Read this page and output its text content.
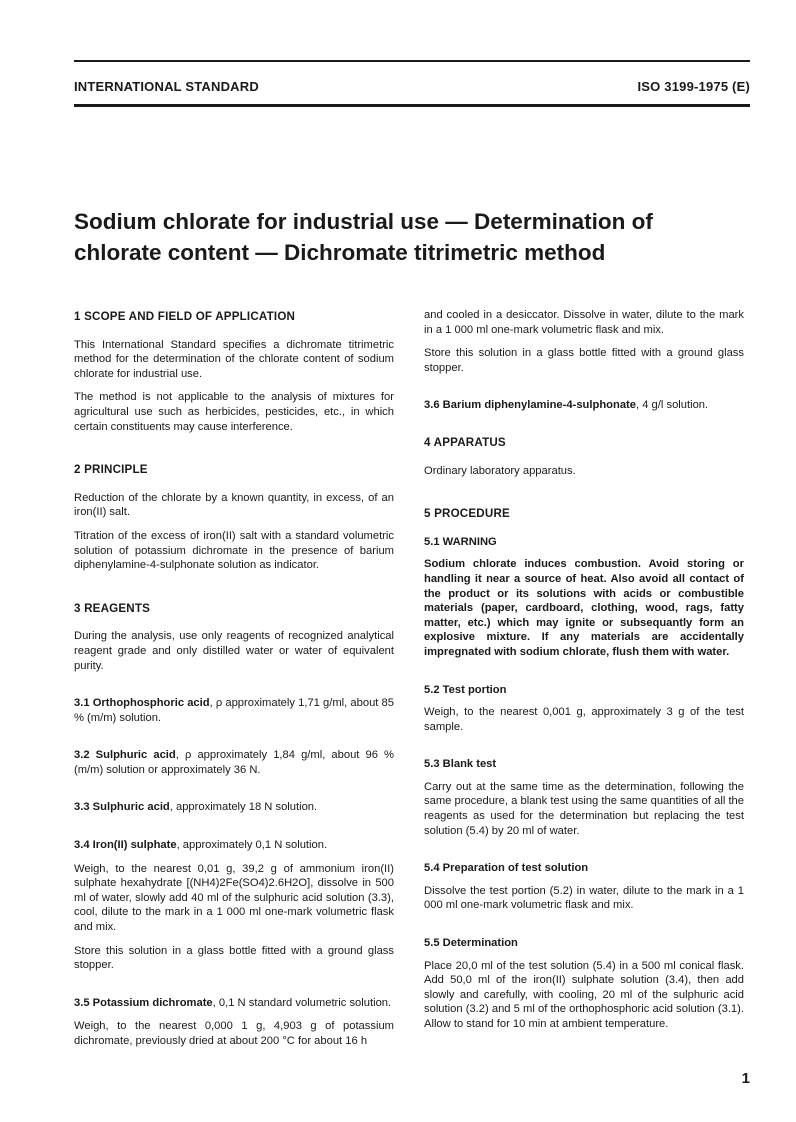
INTERNATIONAL STANDARD	ISO 3199-1975 (E)
Sodium chlorate for industrial use — Determination of chlorate content — Dichromate titrimetric method
1 SCOPE AND FIELD OF APPLICATION

This International Standard specifies a dichromate titrimetric method for the determination of the chlorate content of sodium chlorate for industrial use.

The method is not applicable to the analysis of mixtures for agricultural use such as herbicides, pesticides, etc., in which certain constituents may cause interference.

2 PRINCIPLE

Reduction of the chlorate by a known quantity, in excess, of an iron(II) salt.

Titration of the excess of iron(II) salt with a standard volumetric solution of potassium dichromate in the presence of barium diphenylamine-4-sulphonate solution as indicator.

3 REAGENTS

During the analysis, use only reagents of recognized analytical reagent grade and only distilled water or water of equivalent purity.

3.1 Orthophosphoric acid, ρ approximately 1,71 g/ml, about 85 % (m/m) solution.

3.2 Sulphuric acid, ρ approximately 1,84 g/ml, about 96 % (m/m) solution or approximately 36 N.

3.3 Sulphuric acid, approximately 18 N solution.

3.4 Iron(II) sulphate, approximately 0,1 N solution.

Weigh, to the nearest 0,01 g, 39,2 g of ammonium iron(II) sulphate hexahydrate [(NH4)2Fe(SO4)2.6H2O], dissolve in 500 ml of water, slowly add 40 ml of the sulphuric acid solution (3.3), cool, dilute to the mark in a 1 000 ml one-mark volumetric flask and mix.

Store this solution in a glass bottle fitted with a ground glass stopper.

3.5 Potassium dichromate, 0,1 N standard volumetric solution.

Weigh, to the nearest 0,000 1 g, 4,903 g of potassium dichromate, previously dried at about 200 °C for about 16 h

and cooled in a desiccator. Dissolve in water, dilute to the mark in a 1 000 ml one-mark volumetric flask and mix.

Store this solution in a glass bottle fitted with a ground glass stopper.

3.6 Barium diphenylamine-4-sulphonate, 4 g/l solution.

4 APPARATUS

Ordinary laboratory apparatus.

5 PROCEDURE
5.1 WARNING

Sodium chlorate induces combustion. Avoid storing or handling it near a source of heat. Also avoid all contact of the product or its solutions with acids or combustible materials (paper, cardboard, clothing, wood, rags, fatty matter, etc.) which may ignite or subsequantly form an explosive mixture. If any materials are accidentally impregnated with sodium chlorate, flush them with water.

5.2 Test portion

Weigh, to the nearest 0,001 g, approximately 3 g of the test sample.

5.3 Blank test

Carry out at the same time as the determination, following the same procedure, a blank test using the same quantities of all the reagents as used for the determination but replacing the test solution (5.4) by 20 ml of water.

5.4 Preparation of test solution

Dissolve the test portion (5.2) in water, dilute to the mark in a 1 000 ml one-mark volumetric flask and mix.

5.5 Determination

Place 20,0 ml of the test solution (5.4) in a 500 ml conical flask. Add 50,0 ml of the iron(II) sulphate solution (3.4), then add slowly and carefully, with cooling, 20 ml of the sulphuric acid solution (3.2) and 5 ml of the orthophosphoric acid solution (3.1). Allow to stand for 10 min at ambient temperature.

1
